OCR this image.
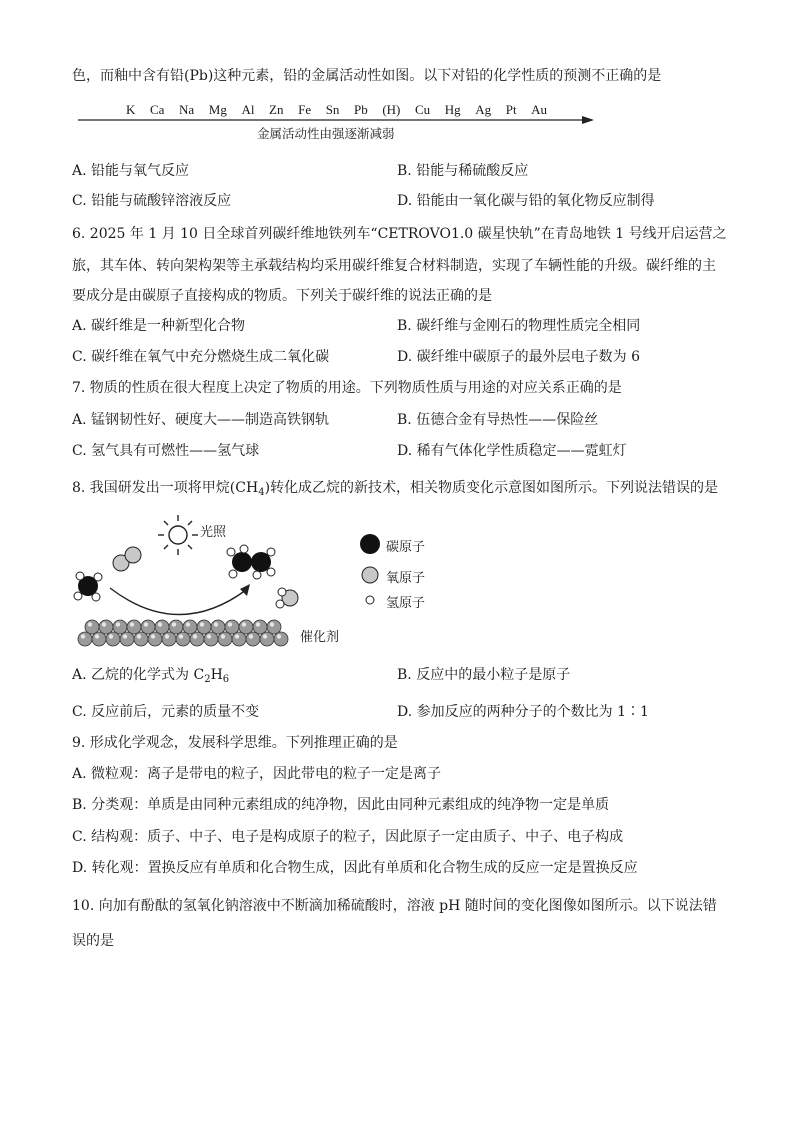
色，而釉中含有铅(Pb)这种元素，铅的金属活动性如图。以下对铅的化学性质的预测不正确的是
K Ca Na Mg Al Zn Fe Sn Pb (H) Cu Hg Ag Pt Au
金属活动性由强逐渐减弱
A. 铅能与氧气反应	B. 铅能与稀硫酸反应
C. 铅能与硫酸锌溶液反应	D. 铅能由一氧化碳与铅的氧化物反应制得
6. 2025 年 1 月 10 日全球首列碳纤维地铁列车“CETROVO1.0 碳星快轨”在青岛地铁 1 号线开启运营之
旅，其车体、转向架构架等主承载结构均采用碳纤维复合材料制造，实现了车辆性能的升级。碳纤维的主
要成分是由碳原子直接构成的物质。下列关于碳纤维的说法正确的是
A. 碳纤维是一种新型化合物	B. 碳纤维与金刚石的物理性质完全相同
C. 碳纤维在氧气中充分燃烧生成二氧化碳	D. 碳纤维中碳原子的最外层电子数为 6
7. 物质的性质在很大程度上决定了物质的用途。下列物质性质与用途的对应关系正确的是
A. 锰钢韧性好、硬度大——制造高铁钢轨	B. 伍德合金有导热性——保险丝
C. 氢气具有可燃性——氢气球	D. 稀有气体化学性质稳定——霓虹灯
8. 我国研发出一项将甲烷$(CH_4)$转化成乙烷的新技术，相关物质变化示意图如图所示。下列说法错误的是
光照
催化剂
碳原子
氧原子
氢原子
A. 乙烷的化学式为 $C_2H_6$	B. 反应中的最小粒子是原子
C. 反应前后，元素的质量不变	D. 参加反应的两种分子的个数比为 1∶1
9. 形成化学观念，发展科学思维。下列推理正确的是
A. 微粒观：离子是带电的粒子，因此带电的粒子一定是离子
B. 分类观：单质是由同种元素组成的纯净物，因此由同种元素组成的纯净物一定是单质
C. 结构观：质子、中子、电子是构成原子的粒子，因此原子一定由质子、中子、电子构成
D. 转化观：置换反应有单质和化合物生成，因此有单质和化合物生成的反应一定是置换反应
10. 向加有酚酞的氢氧化钠溶液中不断滴加稀硫酸时，溶液 pH 随时间的变化图像如图所示。以下说法错
误的是
